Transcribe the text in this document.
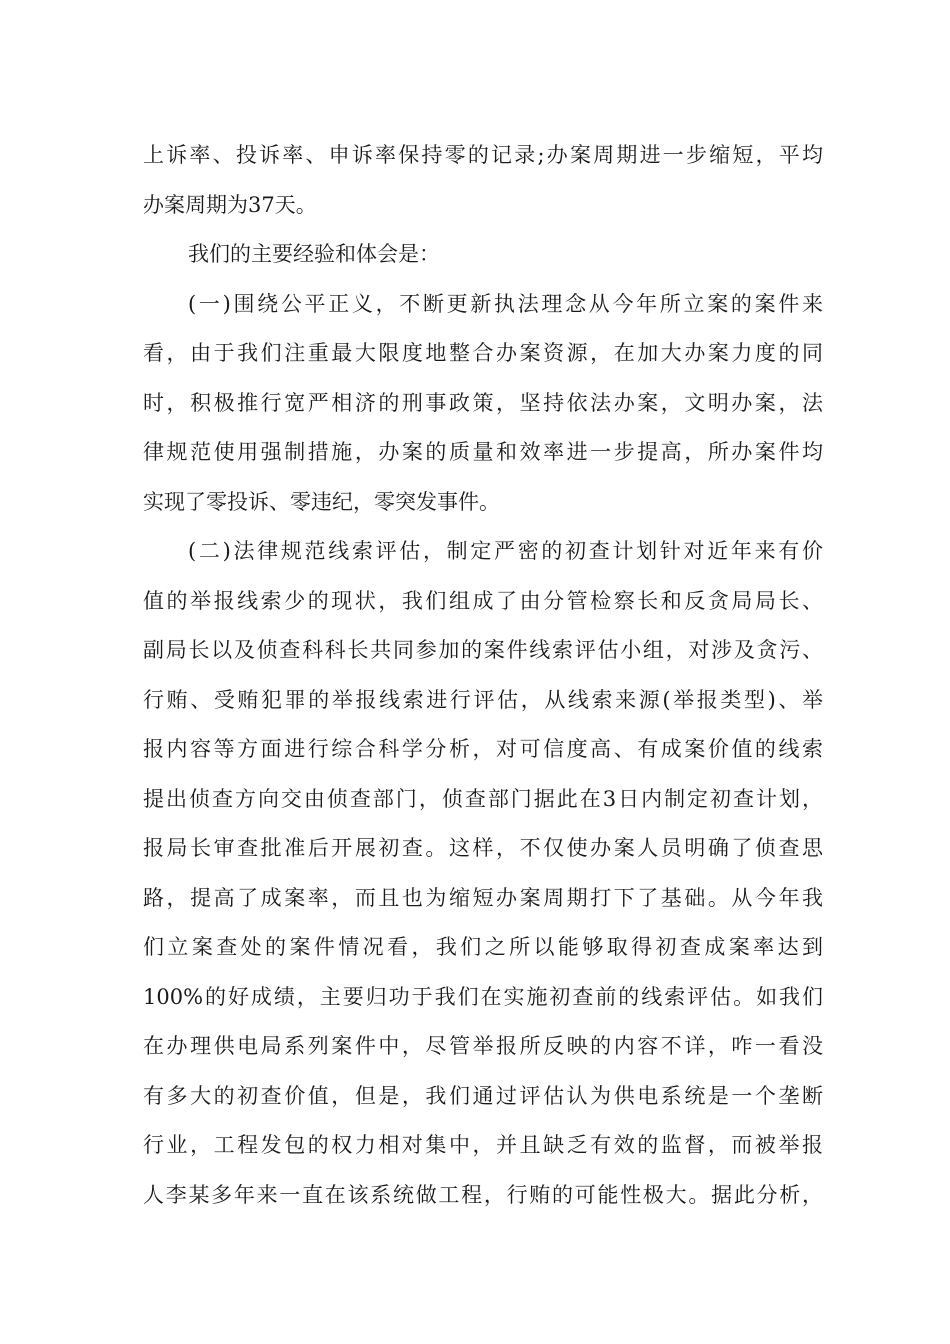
上诉率、投诉率、申诉率保持零的记录;办案周期进一步缩短，平均
办案周期为37天。
我们的主要经验和体会是：
(一)围绕公平正义，不断更新执法理念从今年所立案的案件来
看，由于我们注重最大限度地整合办案资源，在加大办案力度的同
时，积极推行宽严相济的刑事政策，坚持依法办案，文明办案，法
律规范使用强制措施，办案的质量和效率进一步提高，所办案件均
实现了零投诉、零违纪，零突发事件。
(二)法律规范线索评估，制定严密的初查计划针对近年来有价
值的举报线索少的现状，我们组成了由分管检察长和反贪局局长、
副局长以及侦查科科长共同参加的案件线索评估小组，对涉及贪污、
行贿、受贿犯罪的举报线索进行评估，从线索来源(举报类型)、举
报内容等方面进行综合科学分析，对可信度高、有成案价值的线索
提出侦查方向交由侦查部门，侦查部门据此在3日内制定初查计划，
报局长审查批准后开展初查。这样，不仅使办案人员明确了侦查思
路，提高了成案率，而且也为缩短办案周期打下了基础。从今年我
们立案查处的案件情况看，我们之所以能够取得初查成案率达到
100%的好成绩，主要归功于我们在实施初查前的线索评估。如我们
在办理供电局系列案件中，尽管举报所反映的内容不详，咋一看没
有多大的初查价值，但是，我们通过评估认为供电系统是一个垄断
行业，工程发包的权力相对集中，并且缺乏有效的监督，而被举报
人李某多年来一直在该系统做工程，行贿的可能性极大。据此分析，
